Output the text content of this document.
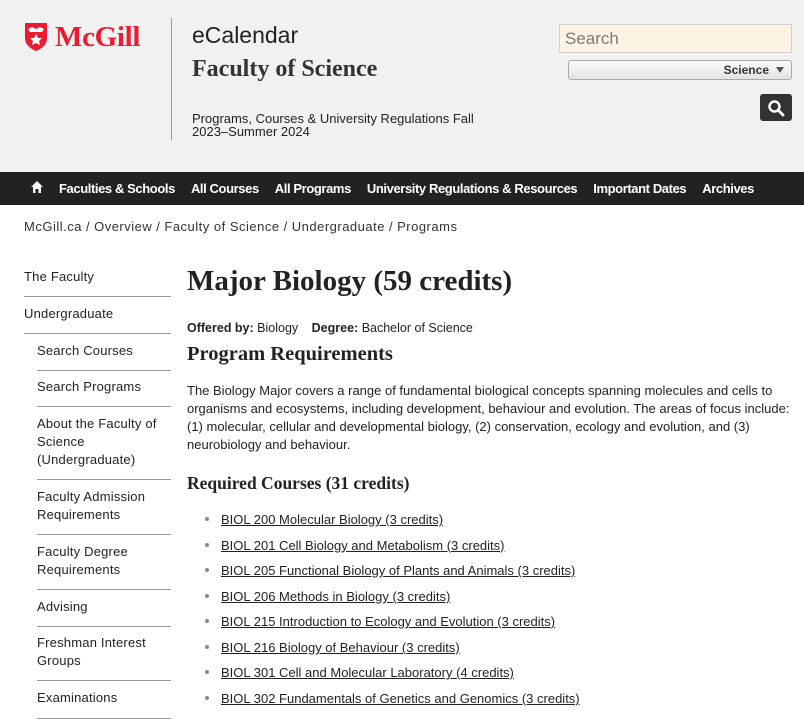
McGill eCalendar
Faculty of Science
Programs, Courses & University Regulations Fall 2023–Summer 2024
Search
Science
Faculties & Schools All Courses All Programs University Regulations & Resources Important Dates Archives
McGill.ca / Overview / Faculty of Science / Undergraduate / Programs
The Faculty
Undergraduate
Search Courses
Search Programs
About the Faculty of Science (Undergraduate)
Faculty Admission Requirements
Faculty Degree Requirements
Advising
Freshman Interest Groups
Examinations
Major Biology (59 credits)
Offered by: Biology Degree: Bachelor of Science
Program Requirements

The Biology Major covers a range of fundamental biological concepts spanning molecules and cells to organisms and ecosystems, including development, behaviour and evolution. The areas of focus include: (1) molecular, cellular and developmental biology, (2) conservation, ecology and evolution, and (3) neurobiology and behaviour.

Required Courses (31 credits)
BIOL 200 Molecular Biology (3 credits)
BIOL 201 Cell Biology and Metabolism (3 credits)
BIOL 205 Functional Biology of Plants and Animals (3 credits)
BIOL 206 Methods in Biology (3 credits)
BIOL 215 Introduction to Ecology and Evolution (3 credits)
BIOL 216 Biology of Behaviour (3 credits)
BIOL 301 Cell and Molecular Laboratory (4 credits)
BIOL 302 Fundamentals of Genetics and Genomics (3 credits)
